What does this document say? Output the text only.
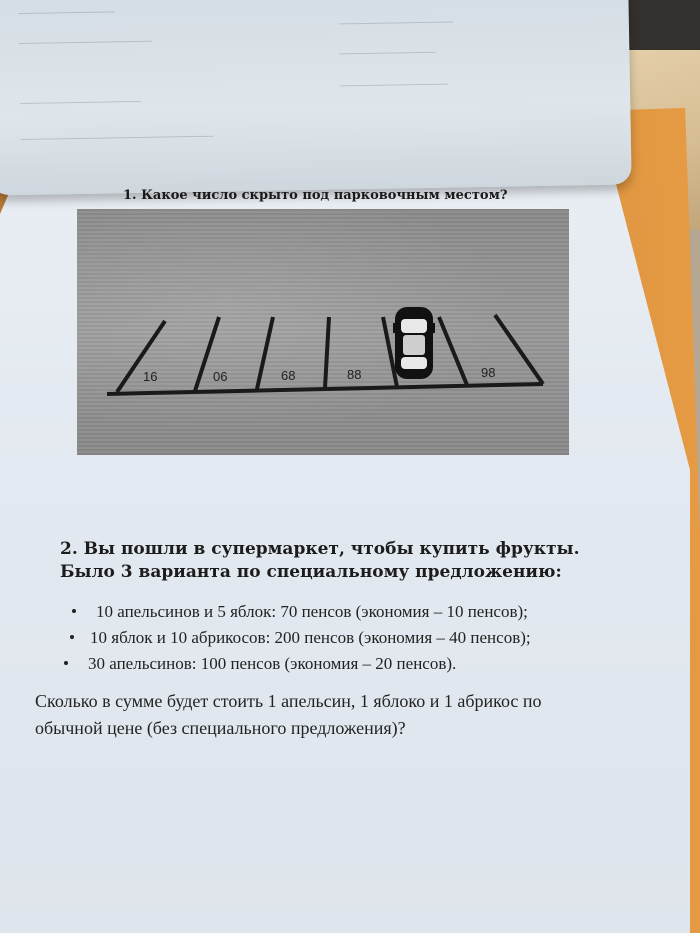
────────────────
──────────────────────
───────────────────
────────────────
────────────────────
──────────────────
────────────────────────────────
1. Какое число скрыто под парковочным местом?
16	06	68	88	98
2. Вы пошли в супермаркет, чтобы купить фрукты.
Было 3 варианта по специальному предложению:
10 апельсинов и 5 яблок: 70 пенсов (экономия – 10 пенсов);
10 яблок и 10 абрикосов: 200 пенсов (экономия – 40 пенсов);
30 апельсинов: 100 пенсов (экономия – 20 пенсов).
Сколько в сумме будет стоить 1 апельсин, 1 яблоко и 1 абрикос по
обычной цене (без специального предложения)?
